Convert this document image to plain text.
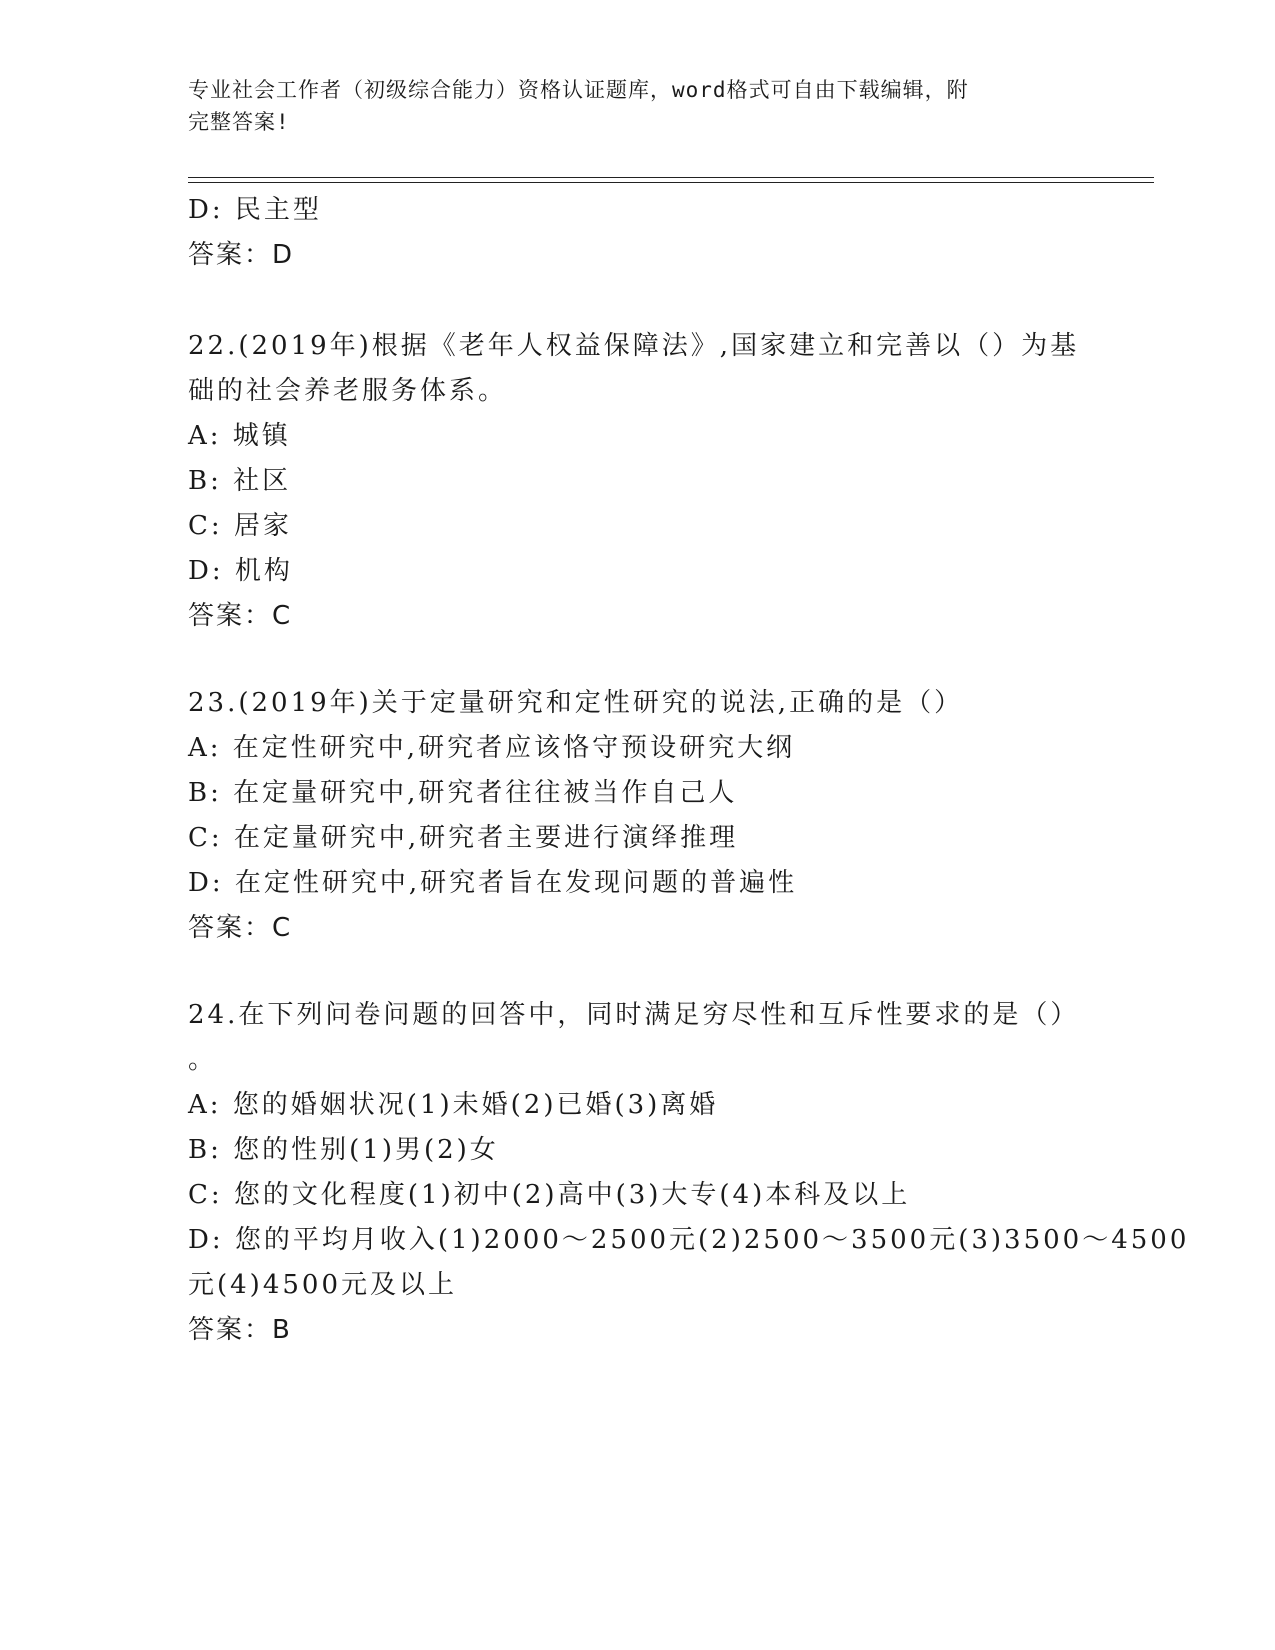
专业社会工作者（初级综合能力）资格认证题库，word格式可自由下载编辑，附
完整答案!
D: 民主型
答案：D
22.(2019年)根据《老年人权益保障法》,国家建立和完善以（）为基
础的社会养老服务体系。
A: 城镇
B: 社区
C: 居家
D: 机构
答案：C
23.(2019年)关于定量研究和定性研究的说法,正确的是（）
A: 在定性研究中,研究者应该恪守预设研究大纲
B: 在定量研究中,研究者往往被当作自己人
C: 在定量研究中,研究者主要进行演绎推理
D: 在定性研究中,研究者旨在发现问题的普遍性
答案：C
24.在下列问卷问题的回答中，同时满足穷尽性和互斥性要求的是（）
。
A: 您的婚姻状况(1)未婚(2)已婚(3)离婚
B: 您的性别(1)男(2)女
C: 您的文化程度(1)初中(2)高中(3)大专(4)本科及以上
D: 您的平均月收入(1)2000～2500元(2)2500～3500元(3)3500～4500
元(4)4500元及以上
答案：B
